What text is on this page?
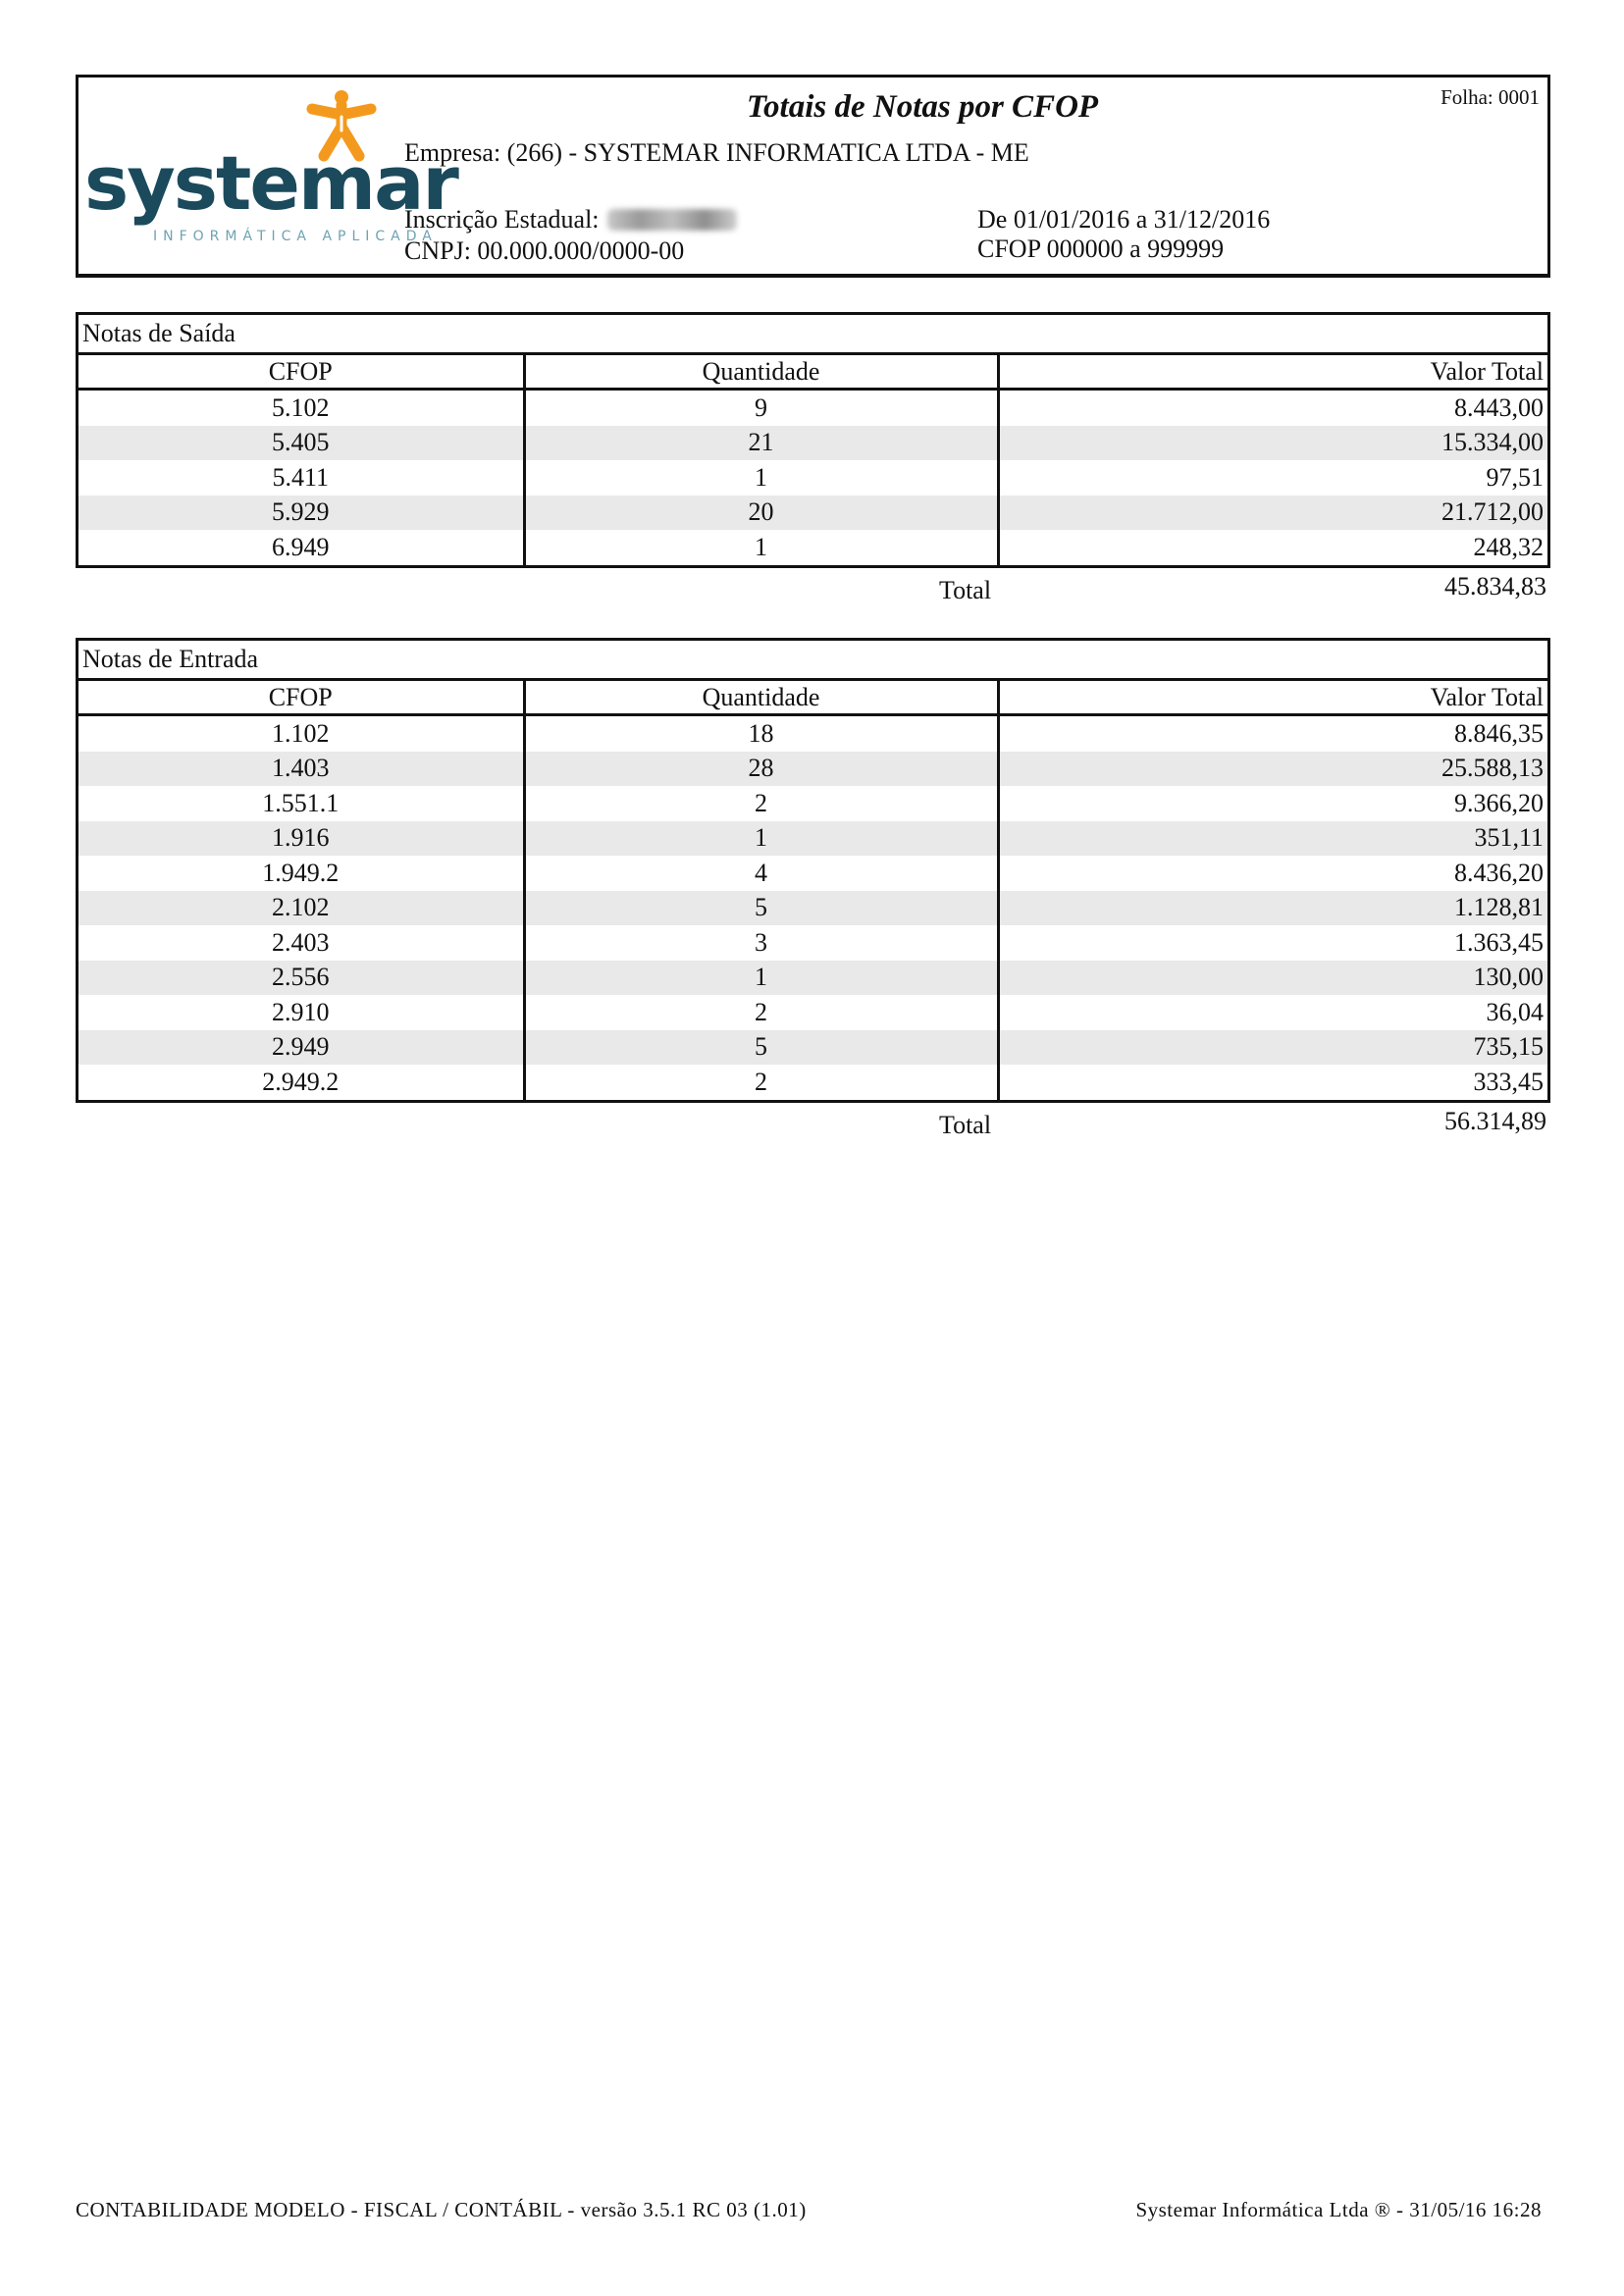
systemar
INFORMÁTICA APLICADA
Totais de Notas por CFOP	Folha: 0001
Empresa: (266) - SYSTEMAR INFORMATICA LTDA - ME
Inscrição Estadual:
CNPJ: 00.000.000/0000-00
De 01/01/2016 a 31/12/2016
CFOP 000000 a 999999
Notas de Saída
CFOP	Quantidade	Valor Total
5.102	9	8.443,00
5.405	21	15.334,00
5.411	1	97,51
5.929	20	21.712,00
6.949	1	248,32
Total	45.834,83
Notas de Entrada
CFOP	Quantidade	Valor Total
1.102	18	8.846,35
1.403	28	25.588,13
1.551.1	2	9.366,20
1.916	1	351,11
1.949.2	4	8.436,20
2.102	5	1.128,81
2.403	3	1.363,45
2.556	1	130,00
2.910	2	36,04
2.949	5	735,15
2.949.2	2	333,45
Total	56.314,89
CONTABILIDADE MODELO - FISCAL / CONTÁBIL - versão 3.5.1 RC 03 (1.01)	Systemar Informática Ltda ® - 31/05/16 16:28
